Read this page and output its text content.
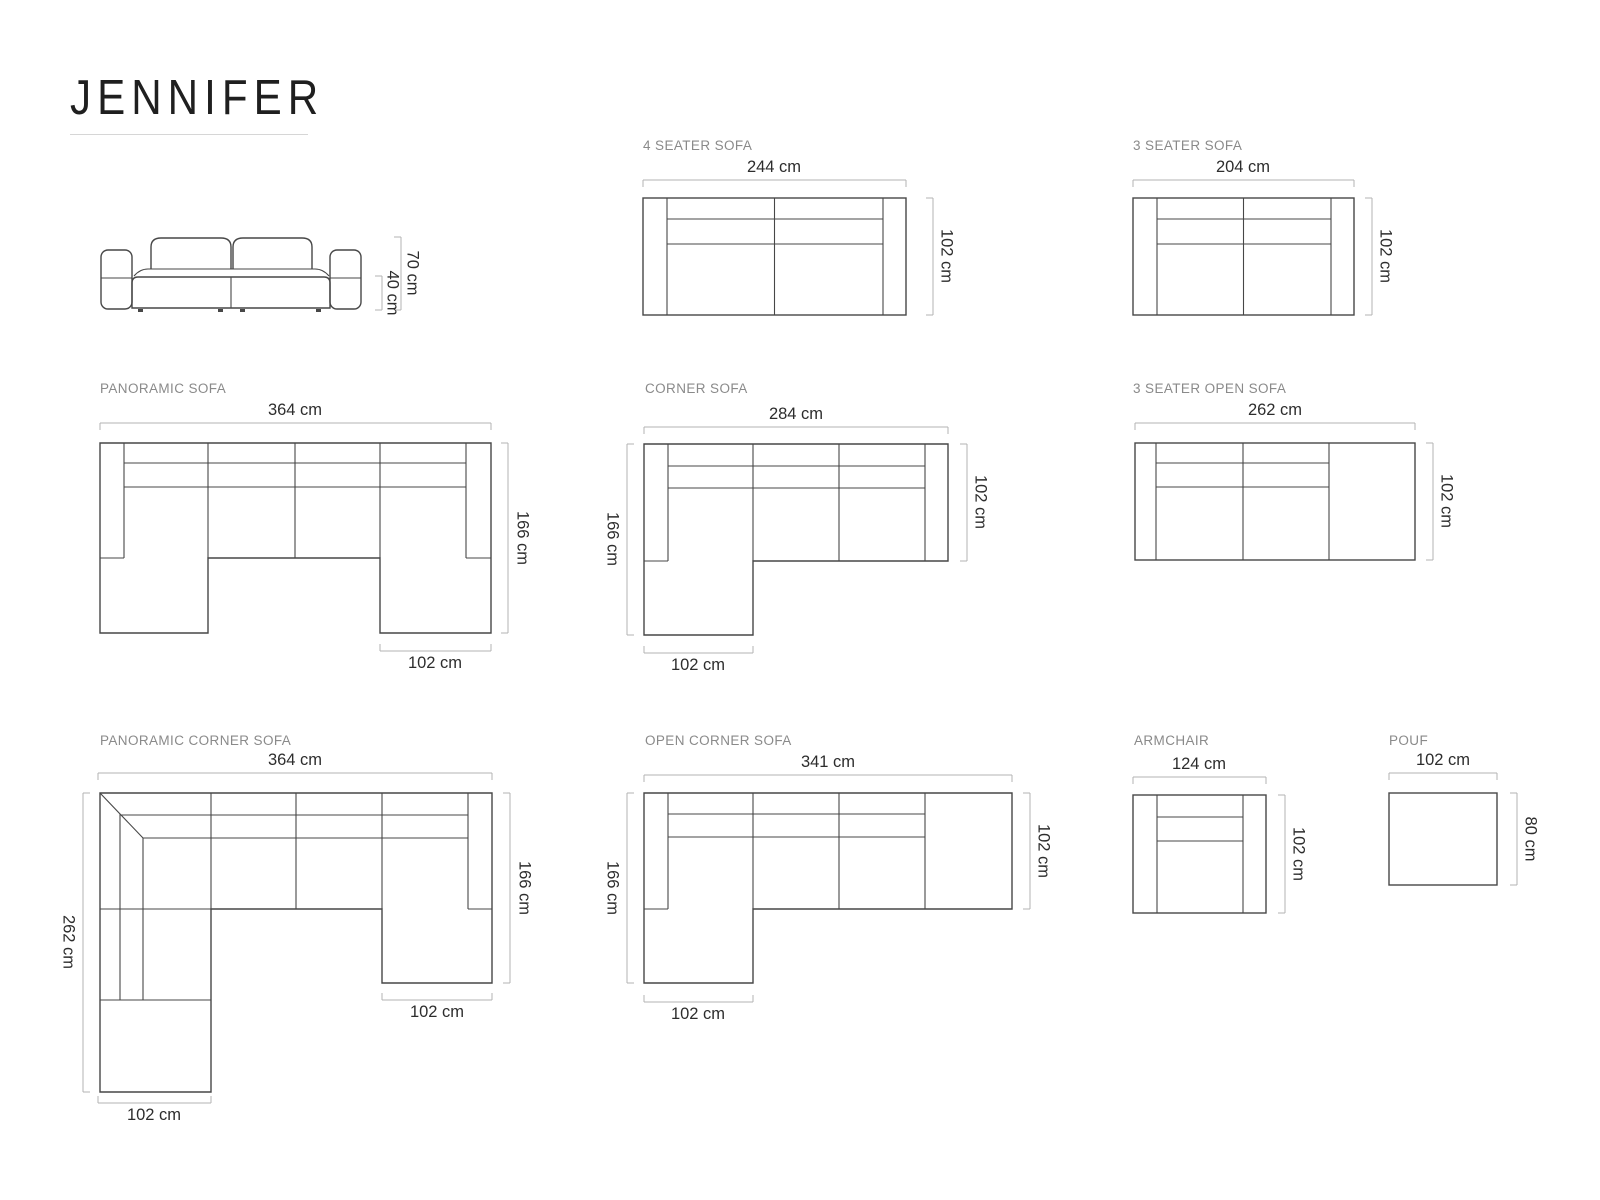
JENNIFER
70 cm
40 cm
4 SEATER SOFA
244 cm
102 cm
3 SEATER SOFA
204 cm
102 cm
PANORAMIC SOFA
364 cm
166 cm
102 cm
CORNER SOFA
284 cm
166 cm
102 cm
102 cm
3 SEATER OPEN SOFA
262 cm
102 cm
PANORAMIC CORNER SOFA
364 cm
262 cm
166 cm
102 cm
102 cm
OPEN CORNER SOFA
341 cm
166 cm
102 cm
102 cm
ARMCHAIR
124 cm
102 cm
POUF
102 cm
80 cm
